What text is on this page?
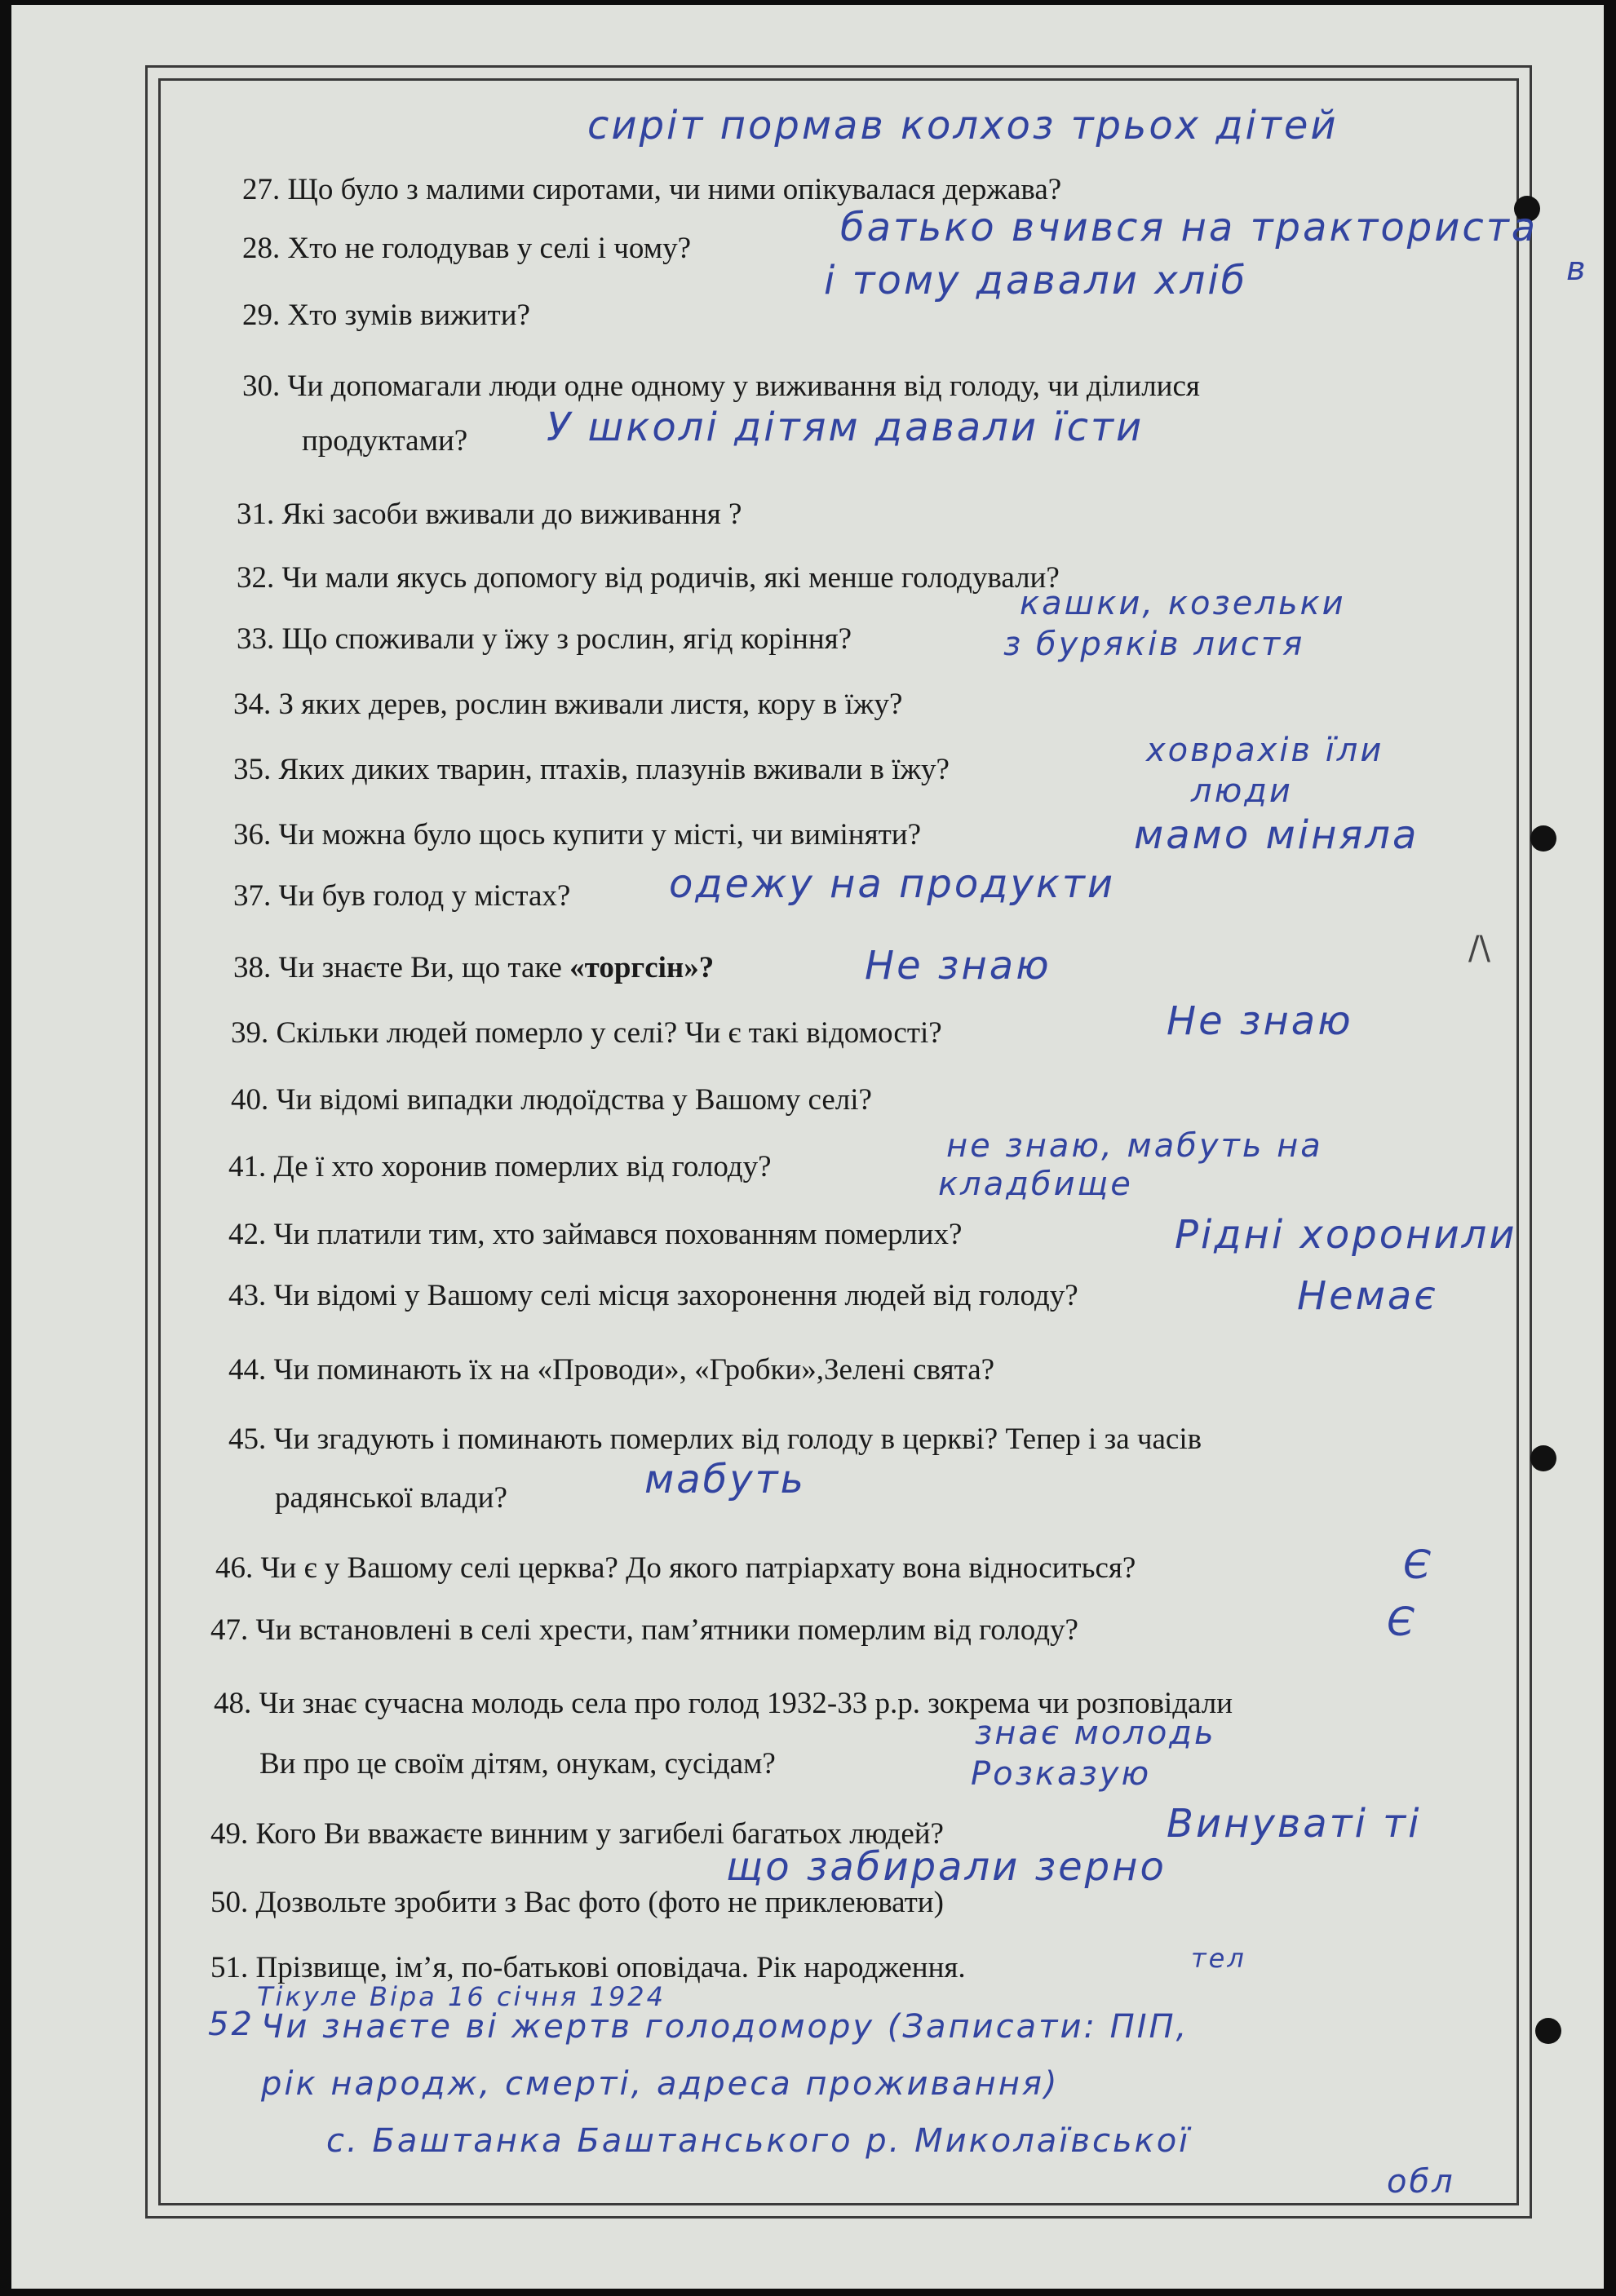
27. Що було з малими сиротами, чи ними опікувалася держава?
28. Хто не голодував у селі і чому?
29. Хто зумів вижити?
30. Чи допомагали люди одне одному у виживання від голоду, чи ділилися
продуктами?
31. Які засоби вживали до виживання ?
32. Чи мали якусь допомогу від родичів, які менше голодували?
33. Що споживали у їжу з рослин, ягід коріння?
34. З яких дерев, рослин вживали листя, кору в їжу?
35. Яких диких тварин, птахів, плазунів вживали в їжу?
36. Чи можна було щось купити у місті, чи виміняти?
37. Чи був голод у містах?
38. Чи знаєте Ви, що таке «торгсін»?
39. Скільки людей померло у селі? Чи є такі відомості?
40. Чи відомі випадки людоїдства у Вашому селі?
41. Де ї хто хоронив померлих від голоду?
42. Чи платили тим, хто займався похованням померлих?
43. Чи відомі у Вашому селі місця захоронення людей від голоду?
44. Чи поминають їх на «Проводи», «Гробки»,Зелені свята?
45. Чи згадують і поминають померлих від голоду в церкві? Тепер і за часів
радянської влади?
46. Чи є у Вашому селі церква? До якого патріархату вона відноситься?
47. Чи встановлені в селі хрести, пам’ятники померлим від голоду?
48. Чи знає сучасна молодь села про голод 1932-33 р.р. зокрема чи розповідали
Ви про це своїм дітям, онукам, сусідам?
49. Кого Ви вважаєте винним у загибелі багатьох людей?
50. Дозвольте зробити з Вас фото (фото не приклеювати)
51. Прізвище, ім’я, по-батькові оповідача. Рік народження.
сирiт пормав колхоз трьох дiтей
батько вчився на тракториста
і тому давали хліб	в
У школі дітям давали їсти
кашки, козельки
з буряків листя
ховрахів їли
люди
мамо міняла
одежу на продукти
/\
Не знаю
Не знаю
не знаю, мабуть на
кладбище
Рідні хоронили
Немає
мабуть
Є
Є
знає молодь
Розказую
Винуваті ті
що забирали зерно
тел
Тікуле Віра 16 січня 1924
52 Чи знаєте ві жертв голодомору (Записати: ПІП,
рік народж, смерті, адреса проживання)
с. Баштанка Баштанського р. Миколаївської
обл
